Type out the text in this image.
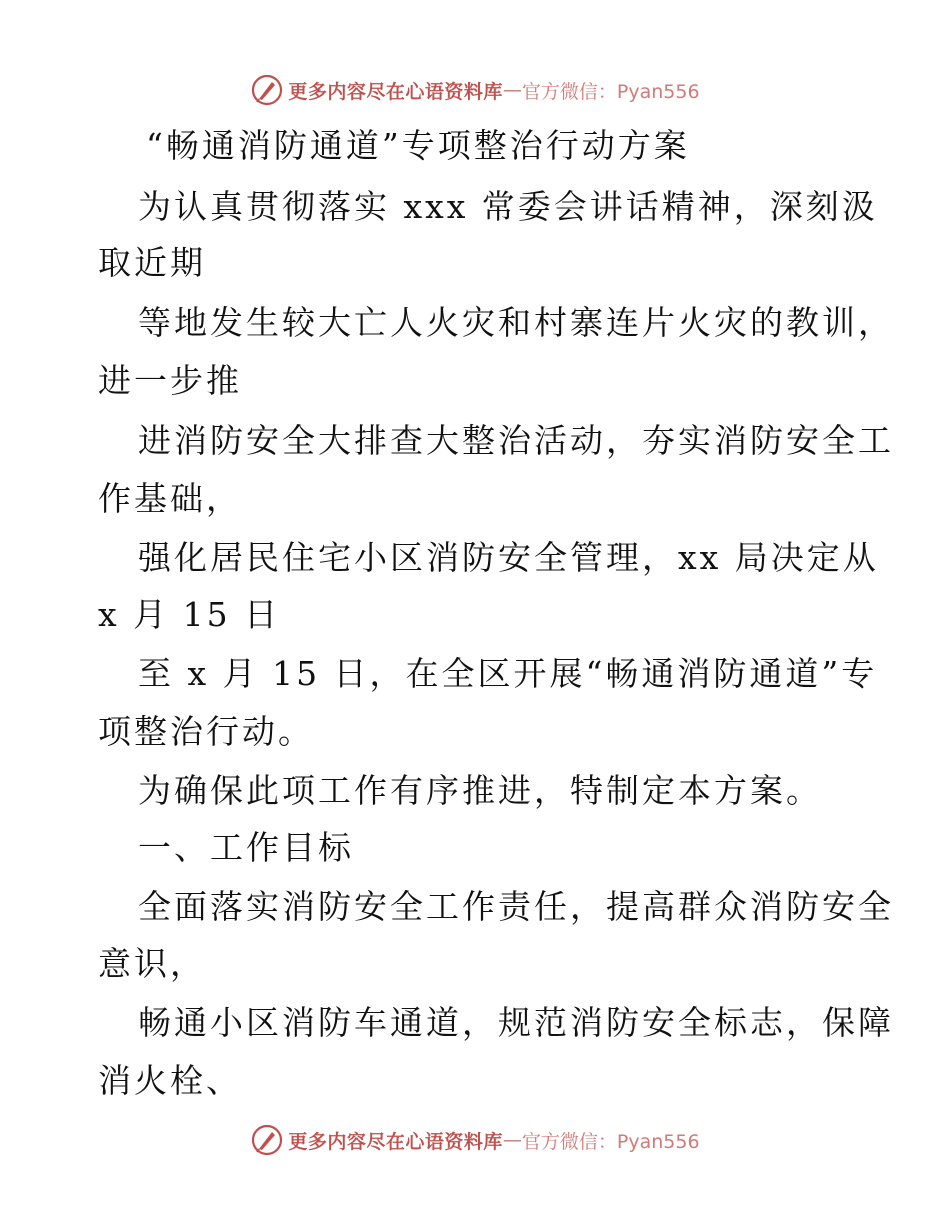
更多内容尽在心语资料库 — 官方微信：Pyan556
“畅通消防通道”专项整治行动方案
为认真贯彻落实 xxx 常委会讲话精神，深刻汲
取近期
等地发生较大亡人火灾和村寨连片火灾的教训，
进一步推
进消防安全大排查大整治活动，夯实消防安全工
作基础，
强化居民住宅小区消防安全管理，xx 局决定从
x 月 15 日
至 x 月 15 日，在全区开展“畅通消防通道”专
项整治行动。
为确保此项工作有序推进，特制定本方案。
一、工作目标
全面落实消防安全工作责任，提高群众消防安全
意识，
畅通小区消防车通道，规范消防安全标志，保障
消火栓、
更多内容尽在心语资料库 — 官方微信：Pyan556
